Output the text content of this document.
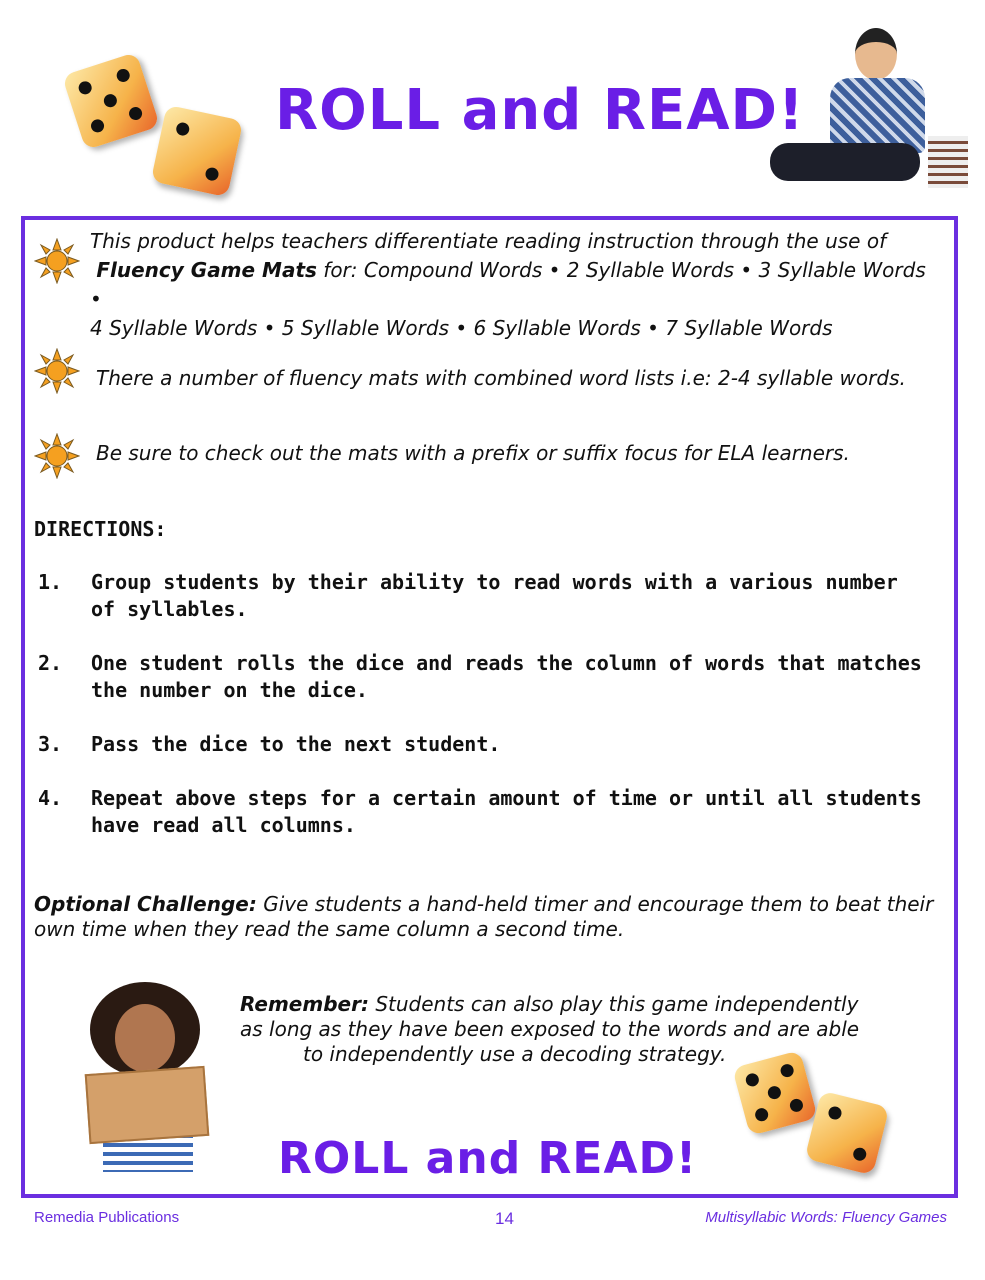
ROLL and READ!
This product helps teachers differentiate reading instruction through the use of
Fluency Game Mats for: Compound Words • 2 Syllable Words • 3 Syllable Words •
4 Syllable Words • 5 Syllable Words • 6 Syllable Words • 7 Syllable Words
There a number of fluency mats with combined word lists i.e: 2-4 syllable words.
Be sure to check out the mats with a prefix or suffix focus for ELA learners.
DIRECTIONS:
1. Group students by their ability to read words with a various number of syllables.
2. One student rolls the dice and reads the column of words that matches the number on the dice.
3. Pass the dice to the next student.
4. Repeat above steps for a certain amount of time or until all students have read all columns.
Optional Challenge: Give students a hand-held timer and encourage them to beat their own time when they read the same column a second time.
Remember: Students can also play this game independently
as long as they have been exposed to the words and are able
to independently use a decoding strategy.
ROLL and READ!
Remedia Publications	14	Multisyllabic Words: Fluency Games
